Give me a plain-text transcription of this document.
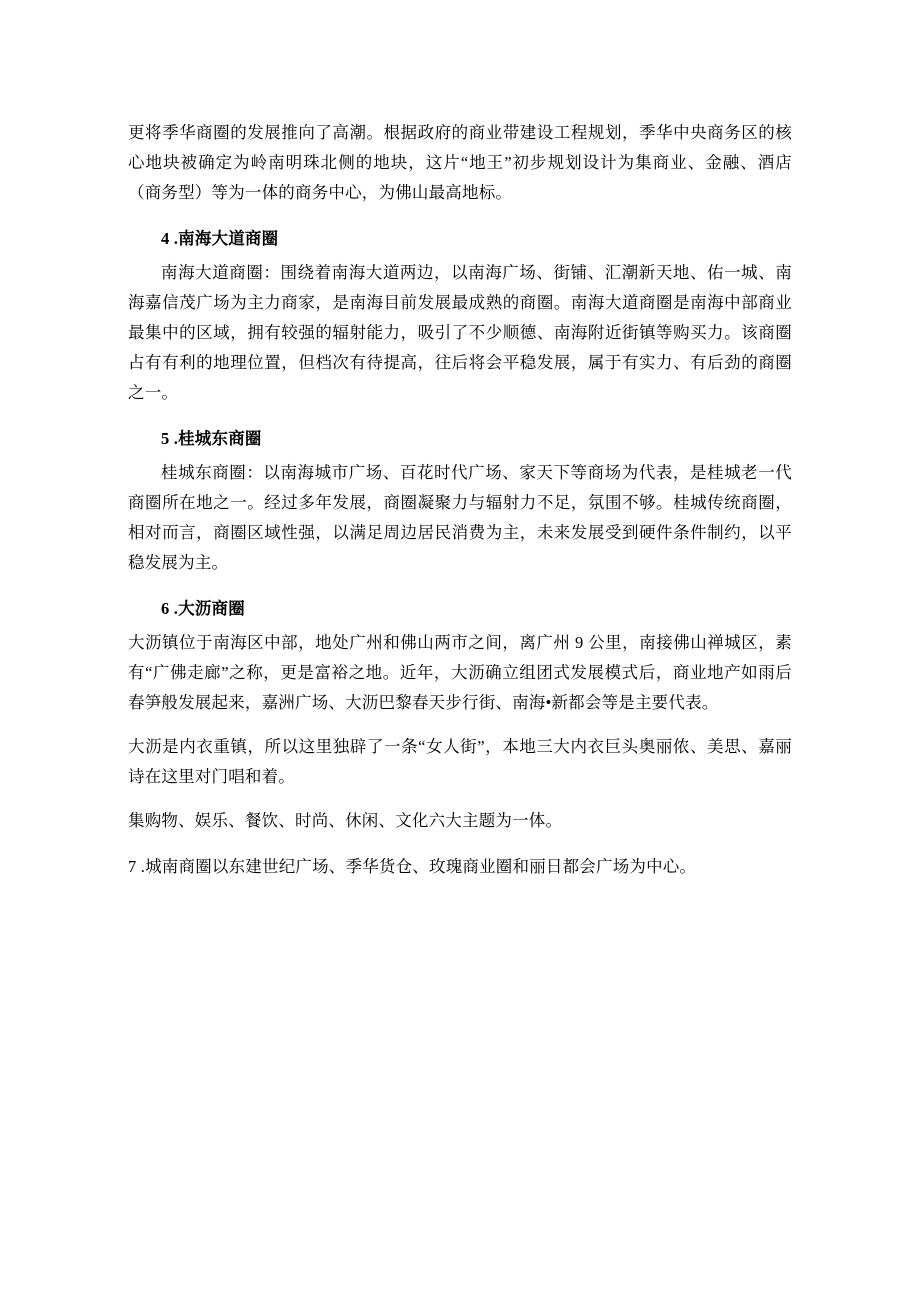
更将季华商圈的发展推向了高潮。根据政府的商业带建设工程规划，季华中央商务区的核心地块被确定为岭南明珠北侧的地块，这片“地王”初步规划设计为集商业、金融、酒店（商务型）等为一体的商务中心，为佛山最高地标。

4 .南海大道商圈

南海大道商圈：围绕着南海大道两边，以南海广场、街铺、汇潮新天地、佑一城、南海嘉信茂广场为主力商家，是南海目前发展最成熟的商圈。南海大道商圈是南海中部商业最集中的区域，拥有较强的辐射能力，吸引了不少顺德、南海附近街镇等购买力。该商圈占有有利的地理位置，但档次有待提高，往后将会平稳发展，属于有实力、有后劲的商圈之一。

5 .桂城东商圈

桂城东商圈：以南海城市广场、百花时代广场、家天下等商场为代表，是桂城老一代商圈所在地之一。经过多年发展，商圈凝聚力与辐射力不足，氛围不够。桂城传统商圈，相对而言，商圈区域性强，以满足周边居民消费为主，未来发展受到硬件条件制约，以平稳发展为主。

6 .大沥商圈

大沥镇位于南海区中部，地处广州和佛山两市之间，离广州 9 公里，南接佛山禅城区，素有“广佛走廊”之称，更是富裕之地。近年，大沥确立组团式发展模式后，商业地产如雨后春笋般发展起来，嘉洲广场、大沥巴黎春天步行街、南海•新都会等是主要代表。

大沥是内衣重镇，所以这里独辟了一条“女人街”，本地三大内衣巨头奥丽侬、美思、嘉丽诗在这里对门唱和着。

集购物、娱乐、餐饮、时尚、休闲、文化六大主题为一体。

7 .城南商圈以东建世纪广场、季华货仓、玫瑰商业圈和丽日都会广场为中心。
